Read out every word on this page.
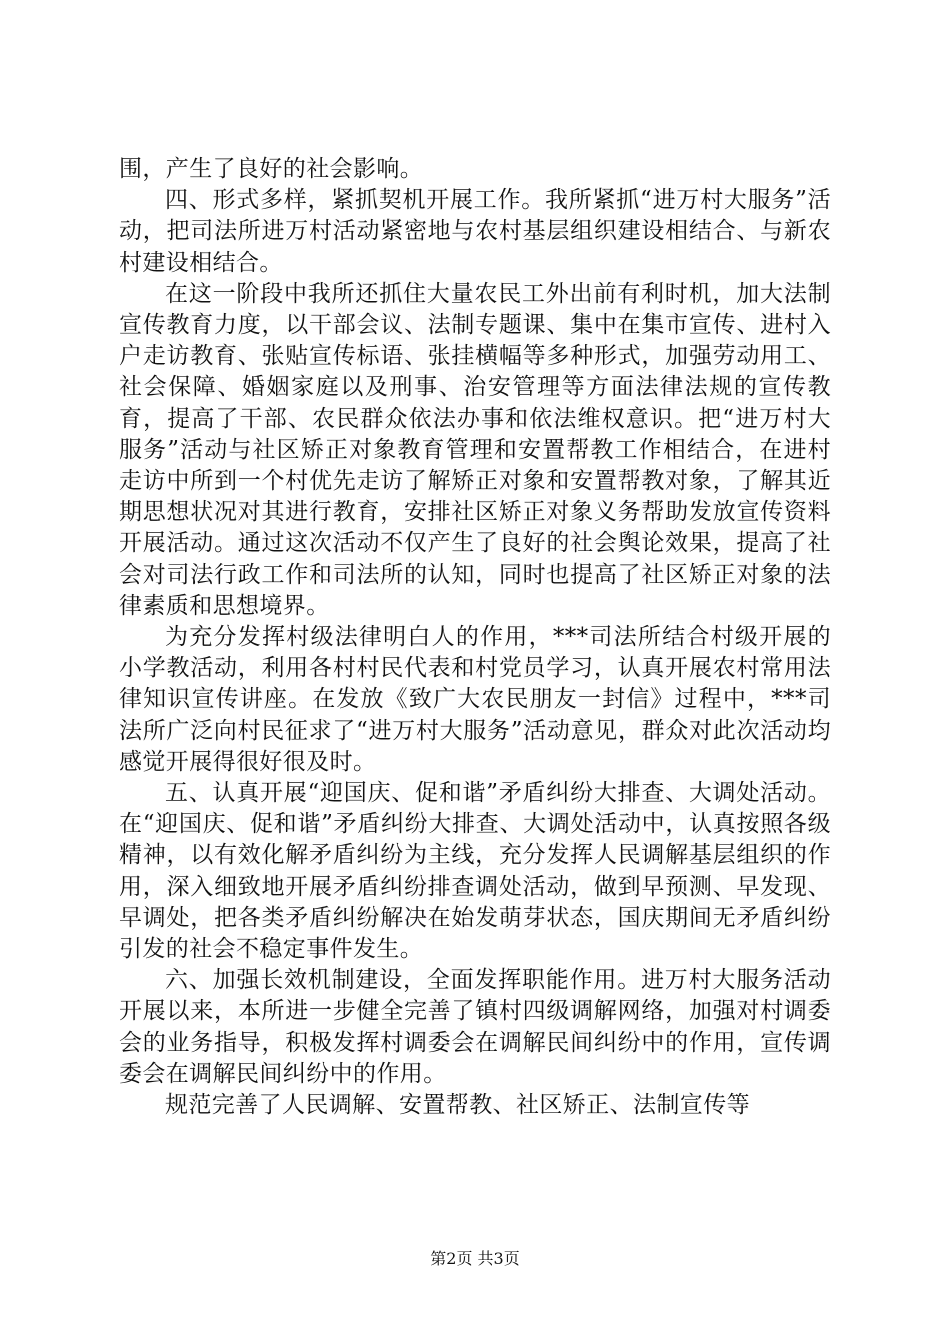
围，产生了良好的社会影响。

四、形式多样，紧抓契机开展工作。我所紧抓“进万村大服务”活动，把司法所进万村活动紧密地与农村基层组织建设相结合、与新农村建设相结合。

在这一阶段中我所还抓住大量农民工外出前有利时机，加大法制宣传教育力度，以干部会议、法制专题课、集中在集市宣传、进村入户走访教育、张贴宣传标语、张挂横幅等多种形式，加强劳动用工、社会保障、婚姻家庭以及刑事、治安管理等方面法律法规的宣传教育，提高了干部、农民群众依法办事和依法维权意识。把“进万村大服务”活动与社区矫正对象教育管理和安置帮教工作相结合，在进村走访中所到一个村优先走访了解矫正对象和安置帮教对象，了解其近期思想状况对其进行教育，安排社区矫正对象义务帮助发放宣传资料开展活动。通过这次活动不仅产生了良好的社会舆论效果，提高了社会对司法行政工作和司法所的认知，同时也提高了社区矫正对象的法律素质和思想境界。

为充分发挥村级法律明白人的作用，***司法所结合村级开展的小学教活动，利用各村村民代表和村党员学习，认真开展农村常用法律知识宣传讲座。在发放《致广大农民朋友一封信》过程中，***司法所广泛向村民征求了“进万村大服务”活动意见，群众对此次活动均感觉开展得很好很及时。

五、认真开展“迎国庆、促和谐”矛盾纠纷大排查、大调处活动。在“迎国庆、促和谐”矛盾纠纷大排查、大调处活动中，认真按照各级精神，以有效化解矛盾纠纷为主线，充分发挥人民调解基层组织的作用，深入细致地开展矛盾纠纷排查调处活动，做到早预测、早发现、早调处，把各类矛盾纠纷解决在始发萌芽状态，国庆期间无矛盾纠纷引发的社会不稳定事件发生。

六、加强长效机制建设，全面发挥职能作用。进万村大服务活动开展以来，本所进一步健全完善了镇村四级调解网络，加强对村调委会的业务指导，积极发挥村调委会在调解民间纠纷中的作用，宣传调委会在调解民间纠纷中的作用。

规范完善了人民调解、安置帮教、社区矫正、法制宣传等

第2页 共3页
